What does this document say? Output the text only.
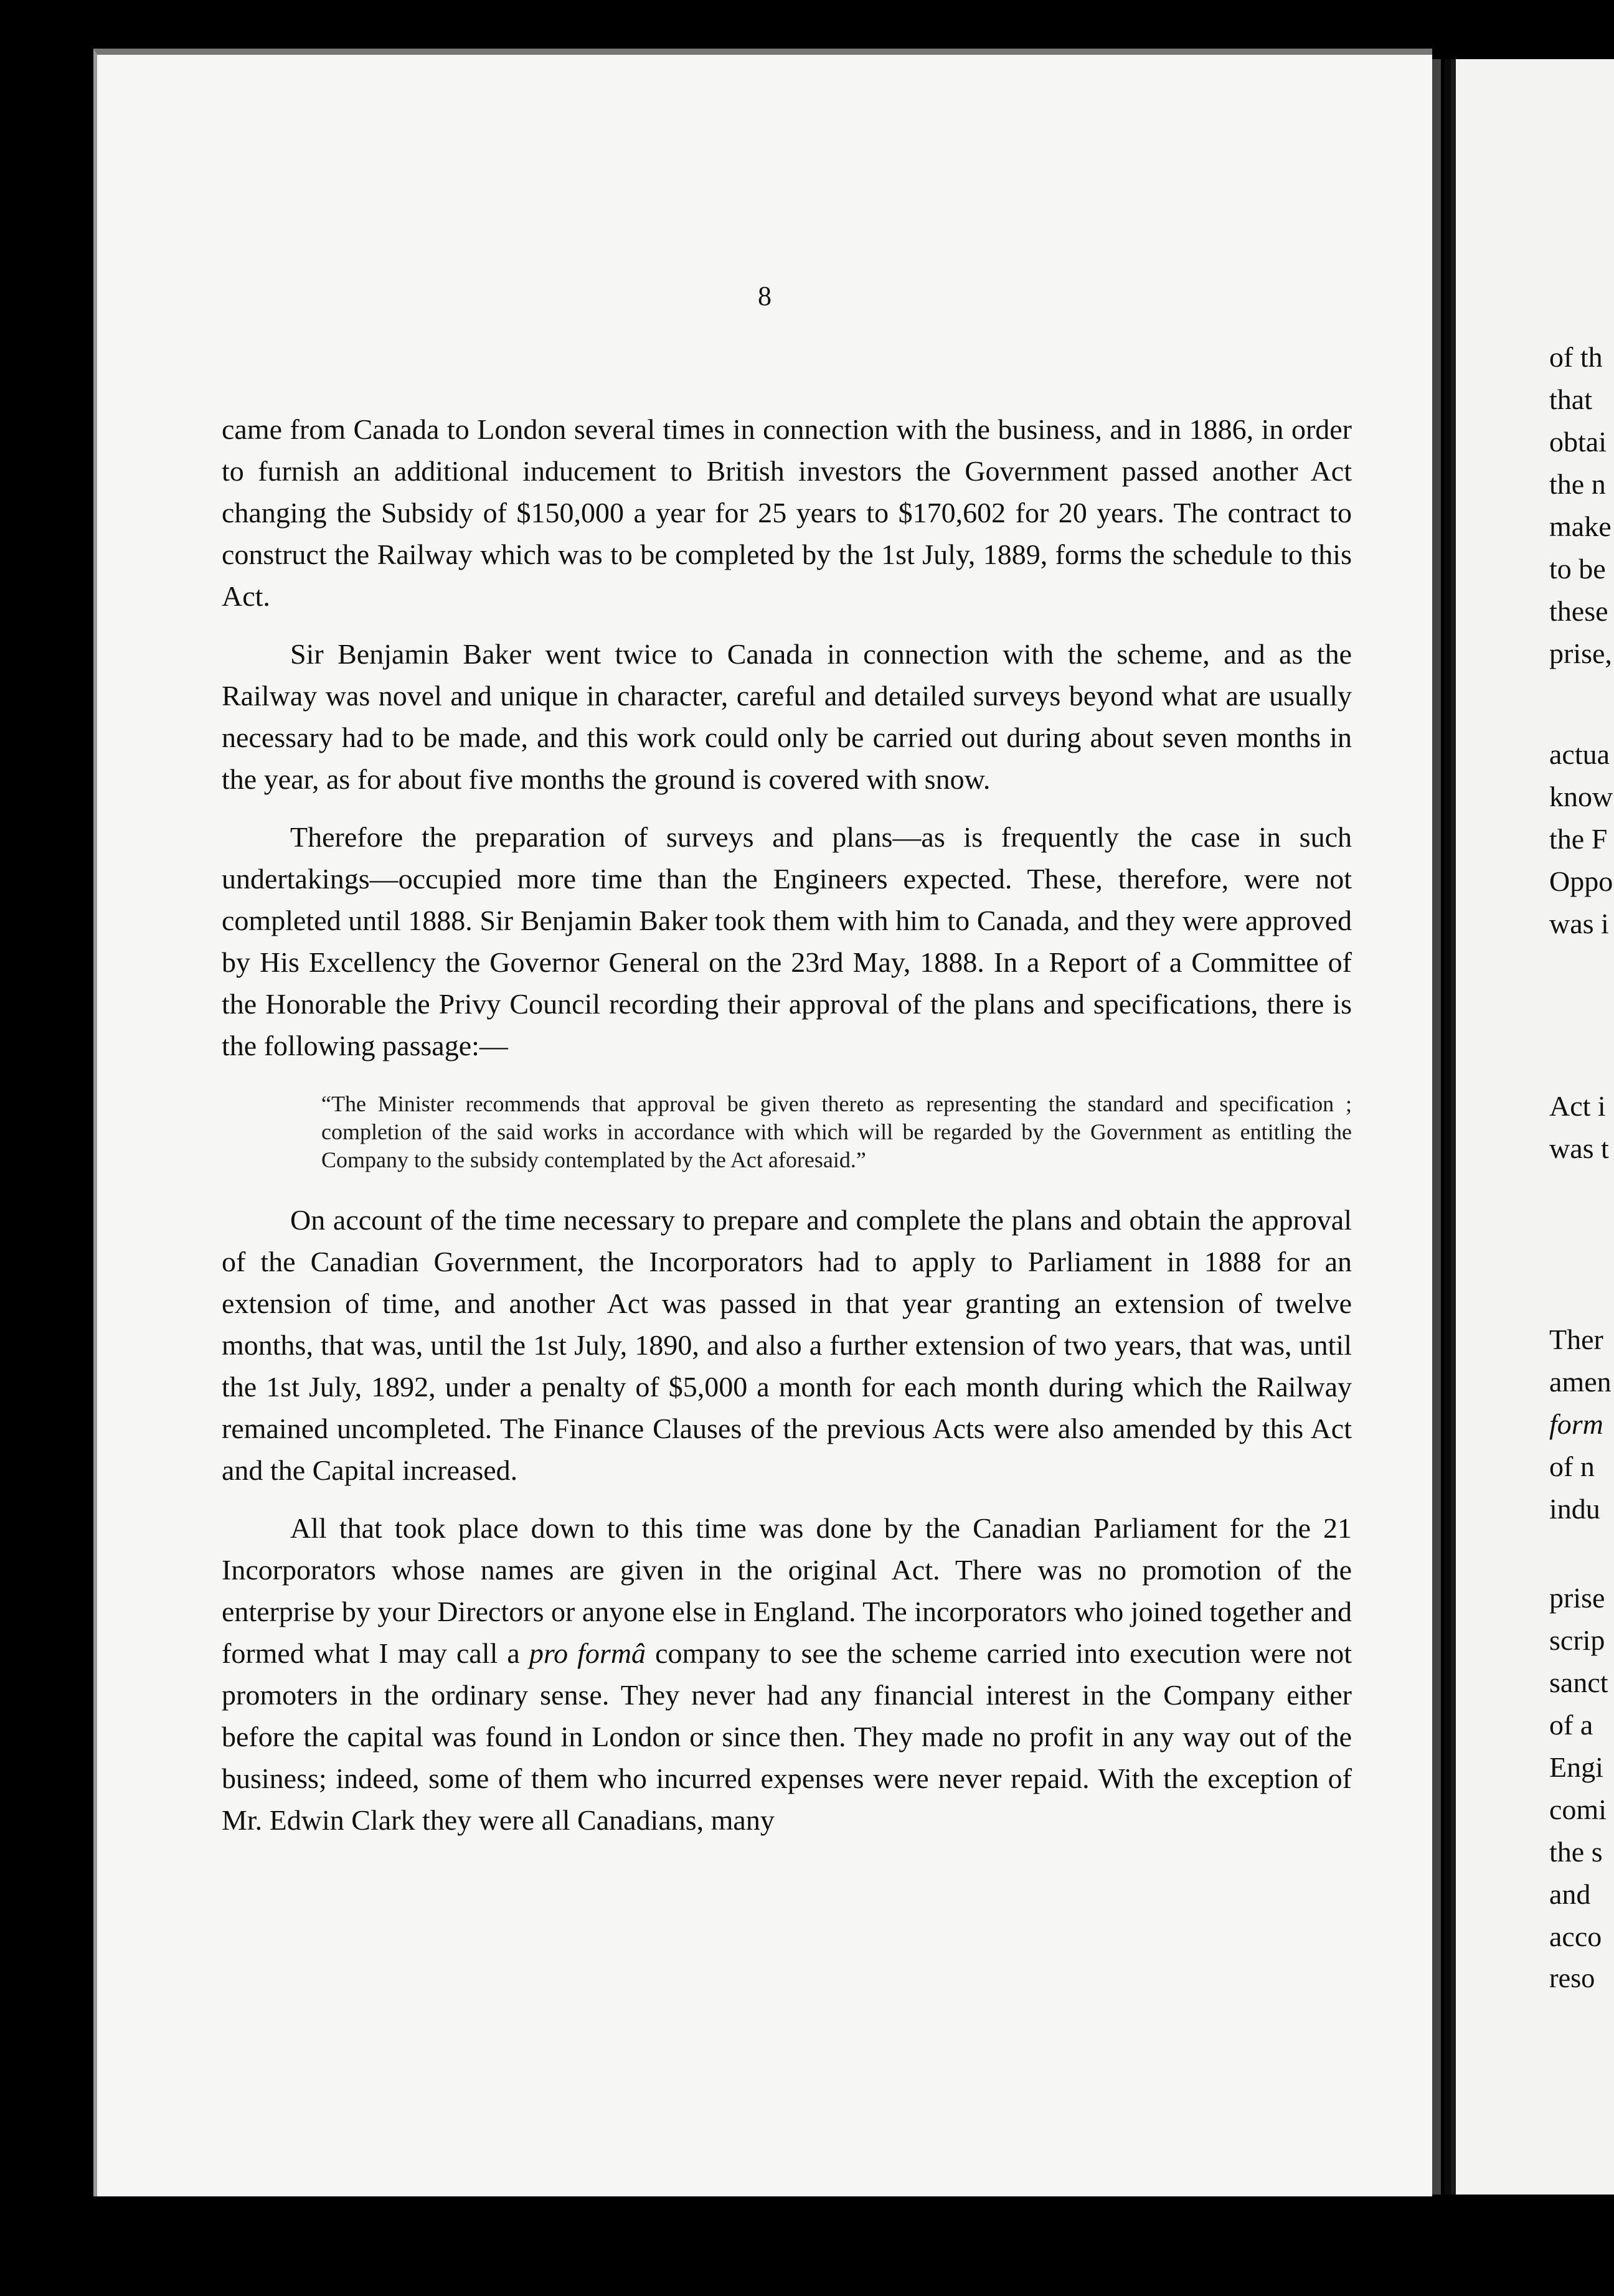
8

came from Canada to London several times in connection with the business, and in 1886, in order to furnish an additional inducement to British investors the Government passed another Act changing the Subsidy of $150,000 a year for 25 years to $170,602 for 20 years. The contract to construct the Railway which was to be completed by the 1st July, 1889, forms the schedule to this Act.

Sir Benjamin Baker went twice to Canada in connection with the scheme, and as the Railway was novel and unique in character, careful and detailed surveys beyond what are usually necessary had to be made, and this work could only be carried out during about seven months in the year, as for about five months the ground is covered with snow.

Therefore the preparation of surveys and plans—as is frequently the case in such undertakings—occupied more time than the Engineers expected. These, therefore, were not completed until 1888. Sir Benjamin Baker took them with him to Canada, and they were approved by His Excellency the Governor General on the 23rd May, 1888. In a Report of a Committee of the Honorable the Privy Council recording their approval of the plans and specifications, there is the following passage:—

“The Minister recommends that approval be given thereto as representing the standard and specification ; completion of the said works in accordance with which will be regarded by the Government as entitling the Company to the subsidy contemplated by the Act aforesaid.”

On account of the time necessary to prepare and complete the plans and obtain the approval of the Canadian Government, the Incorporators had to apply to Parliament in 1888 for an extension of time, and another Act was passed in that year granting an extension of twelve months, that was, until the 1st July, 1890, and also a further extension of two years, that was, until the 1st July, 1892, under a penalty of $5,000 a month for each month during which the Railway remained uncompleted. The Finance Clauses of the previous Acts were also amended by this Act and the Capital increased.

All that took place down to this time was done by the Canadian Parliament for the 21 Incorporators whose names are given in the original Act. There was no promotion of the enterprise by your Directors or anyone else in England. The incorporators who joined together and formed what I may call a pro formâ company to see the scheme carried into execution were not promoters in the ordinary sense. They never had any financial interest in the Company either before the capital was found in London or since then. They made no profit in any way out of the business; indeed, some of them who incurred expenses were never repaid. With the exception of Mr. Edwin Clark they were all Canadians, many

of th
that
obtai
the n
make
to be
these
prise,
actua
know
the F
Oppo
was i
Act i
was t
Ther
amen
form
of n
indu
prise
scrip
sanct
of a
Engi
comi
the s
and
acco
reso
